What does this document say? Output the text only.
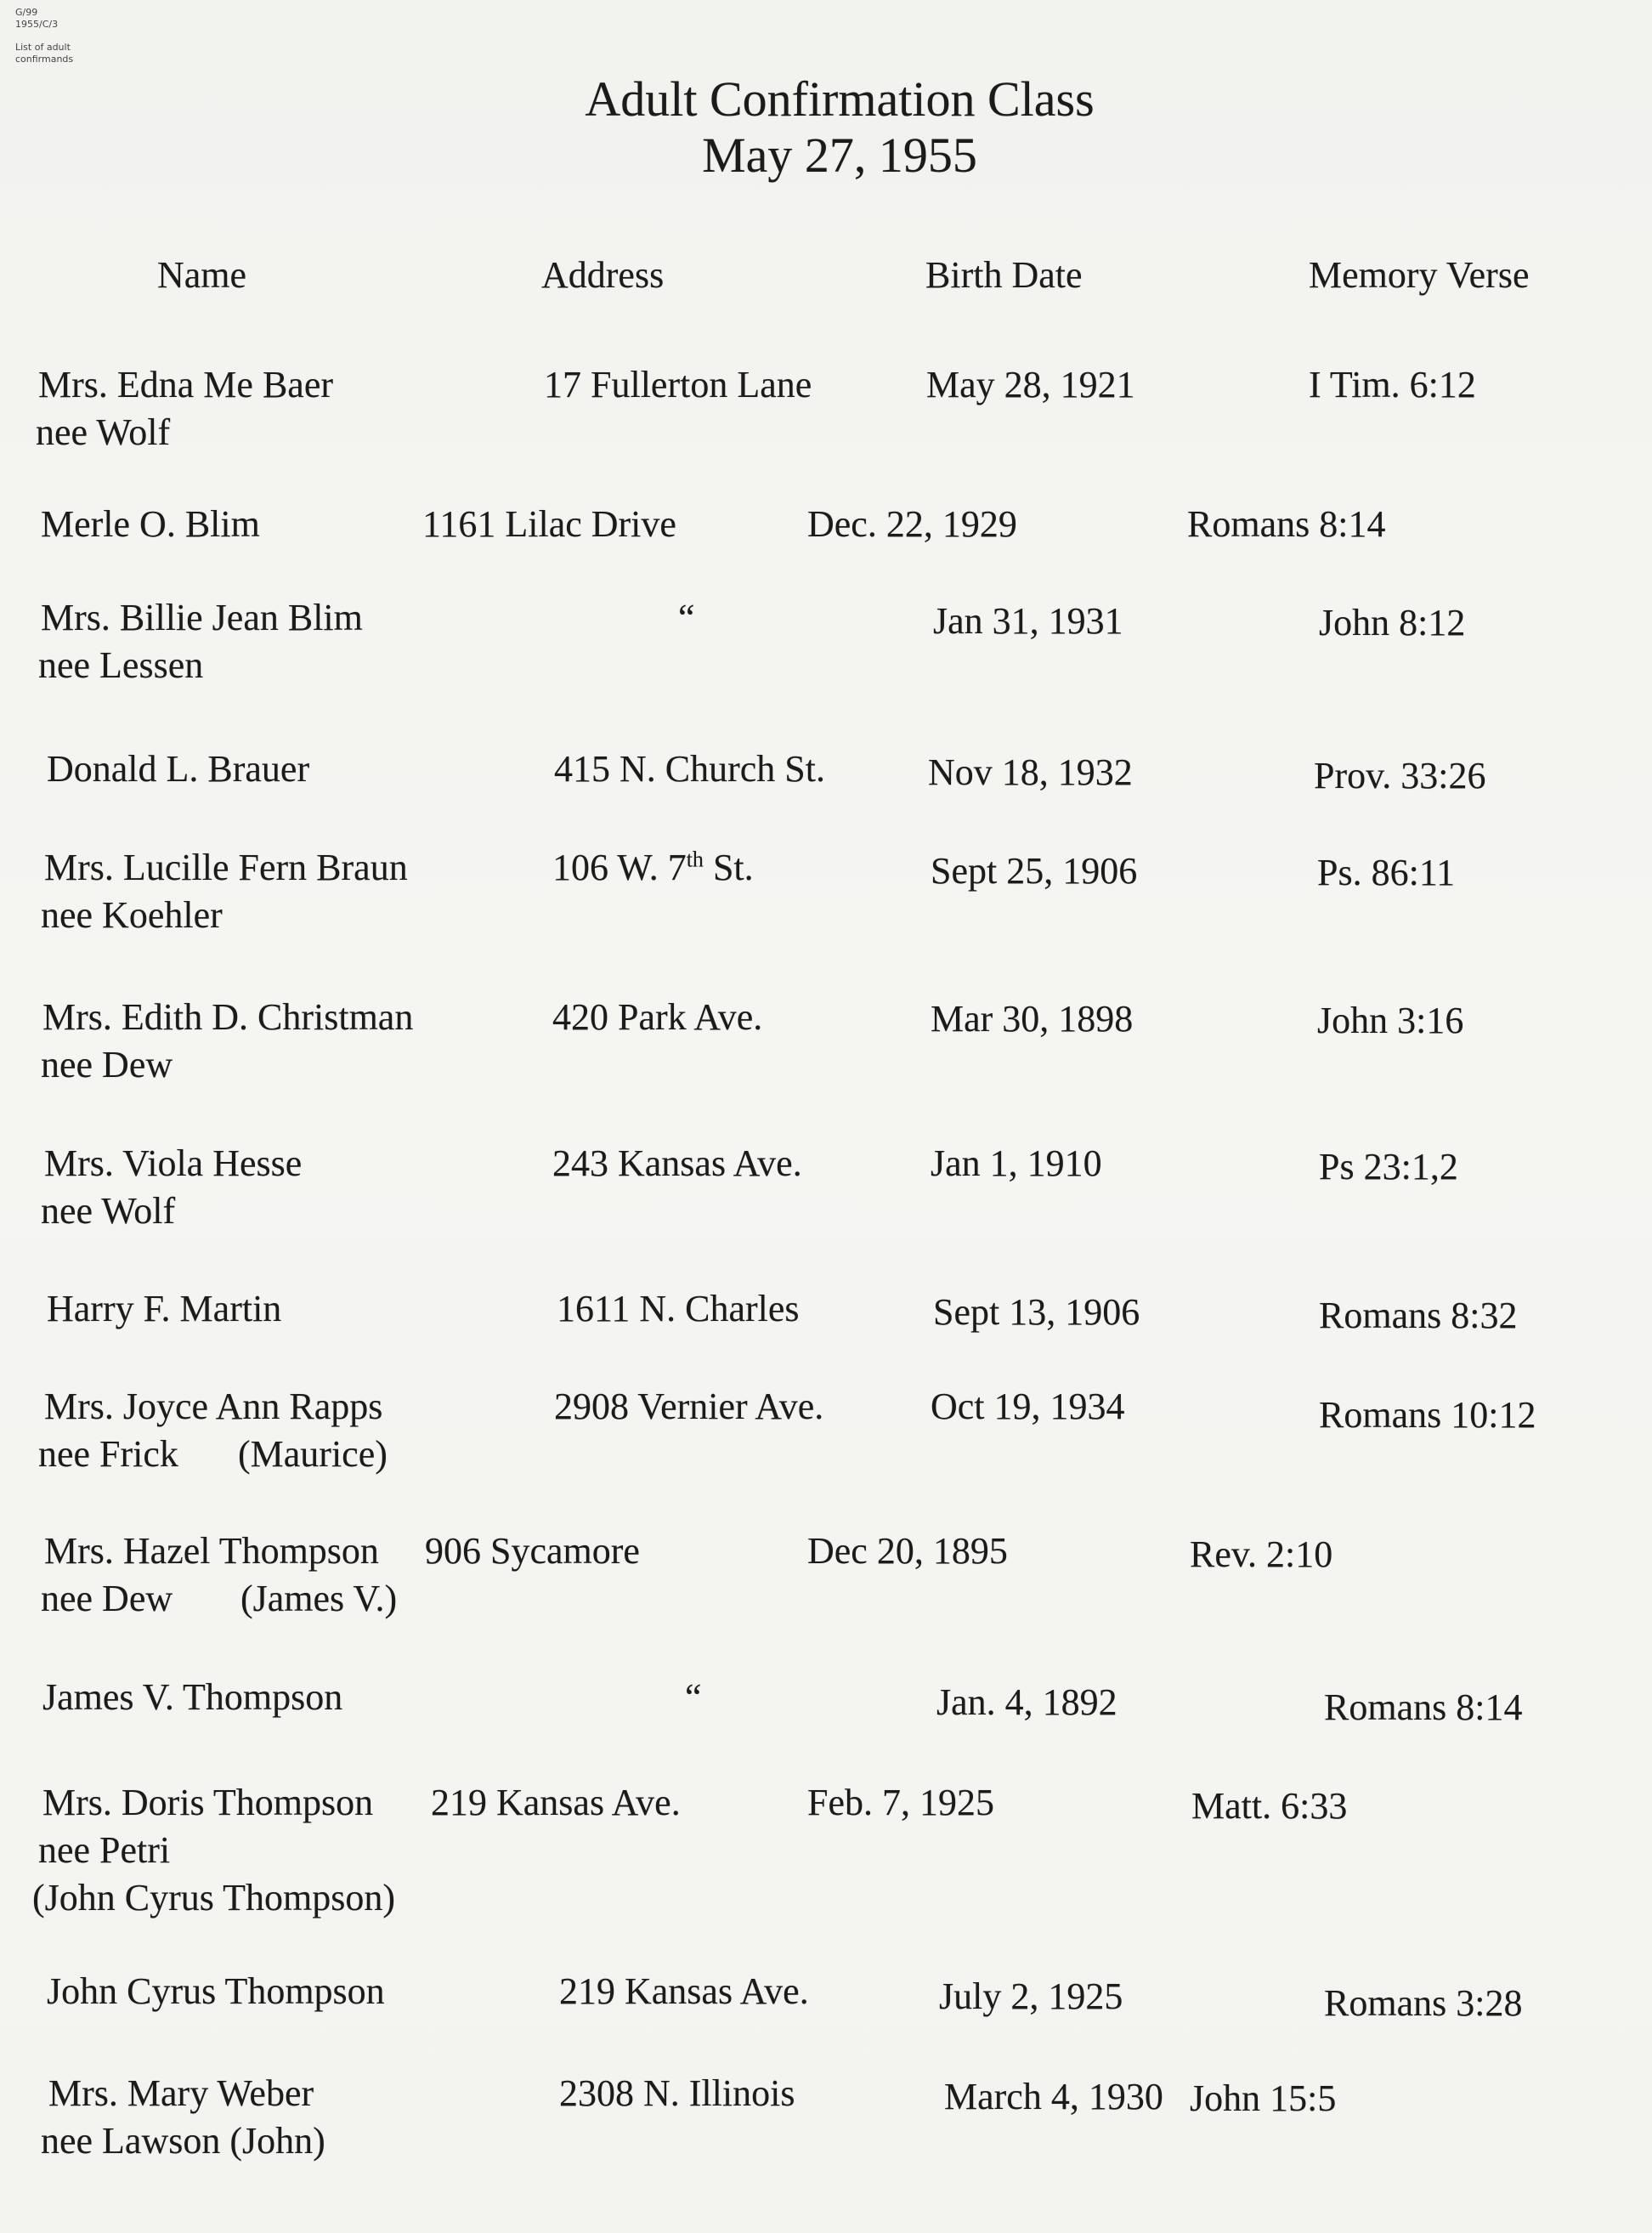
G/99
1955/C/3
List of adult
confirmands
Adult Confirmation Class
May 27, 1955
Name	Address	Birth Date	Memory Verse
Mrs. Edna Me Baer
nee Wolf
17 Fullerton Lane	May 28, 1921	I Tim. 6:12
Merle O. Blim	1161 Lilac Drive	Dec. 22, 1929	Romans 8:14
Mrs. Billie Jean Blim
nee Lessen
“	Jan 31, 1931	John 8:12
Donald L. Brauer	415 N. Church St.	Nov 18, 1932	Prov. 33:26
Mrs. Lucille Fern Braun
nee Koehler
106 W. 7th St.	Sept 25, 1906	Ps. 86:11
Mrs. Edith D. Christman
nee Dew
420 Park Ave.	Mar 30, 1898	John 3:16
Mrs. Viola Hesse
nee Wolf
243 Kansas Ave.	Jan 1, 1910	Ps 23:1,2
Harry F. Martin	1611 N. Charles	Sept 13, 1906	Romans 8:32
Mrs. Joyce Ann Rapps
nee Frick (Maurice)
2908 Vernier Ave.	Oct 19, 1934	Romans 10:12
Mrs. Hazel Thompson
nee Dew (James V.)
906 Sycamore	Dec 20, 1895	Rev. 2:10
James V. Thompson	“	Jan. 4, 1892	Romans 8:14
Mrs. Doris Thompson
nee Petri
(John Cyrus Thompson)
219 Kansas Ave.	Feb. 7, 1925	Matt. 6:33
John Cyrus Thompson	219 Kansas Ave.	July 2, 1925	Romans 3:28
Mrs. Mary Weber
nee Lawson (John)
2308 N. Illinois	March 4, 1930 John 15:5
